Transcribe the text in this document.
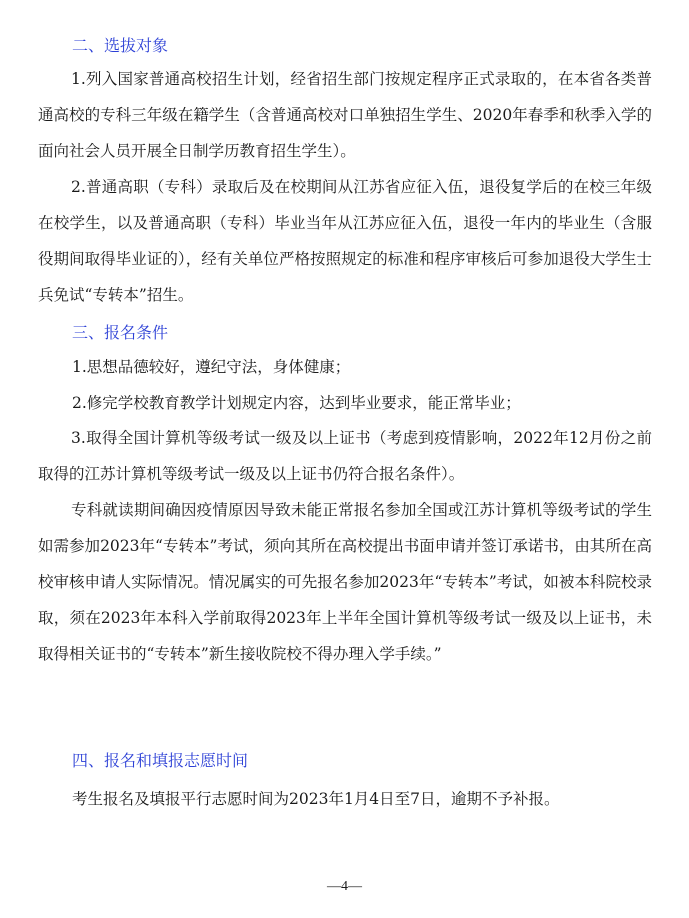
二、选拔对象
1.列入国家普通高校招生计划，经省招生部门按规定程序正式录取的，在本省各类普通高校的专科三年级在籍学生（含普通高校对口单独招生学生、2020年春季和秋季入学的面向社会人员开展全日制学历教育招生学生）。
2.普通高职（专科）录取后及在校期间从江苏省应征入伍，退役复学后的在校三年级在校学生，以及普通高职（专科）毕业当年从江苏应征入伍，退役一年内的毕业生（含服役期间取得毕业证的），经有关单位严格按照规定的标准和程序审核后可参加退役大学生士兵免试“专转本”招生。
三、报名条件
1.思想品德较好，遵纪守法，身体健康；
2.修完学校教育教学计划规定内容，达到毕业要求，能正常毕业；
3.取得全国计算机等级考试一级及以上证书（考虑到疫情影响，2022年12月份之前取得的江苏计算机等级考试一级及以上证书仍符合报名条件）。
专科就读期间确因疫情原因导致未能正常报名参加全国或江苏计算机等级考试的学生如需参加2023年“专转本”考试，须向其所在高校提出书面申请并签订承诺书，由其所在高校审核申请人实际情况。情况属实的可先报名参加2023年“专转本”考试，如被本科院校录取，须在2023年本科入学前取得2023年上半年全国计算机等级考试一级及以上证书，未取得相关证书的“专转本”新生接收院校不得办理入学手续。”
四、报名和填报志愿时间
考生报名及填报平行志愿时间为2023年1月4日至7日，逾期不予补报。
—4—
